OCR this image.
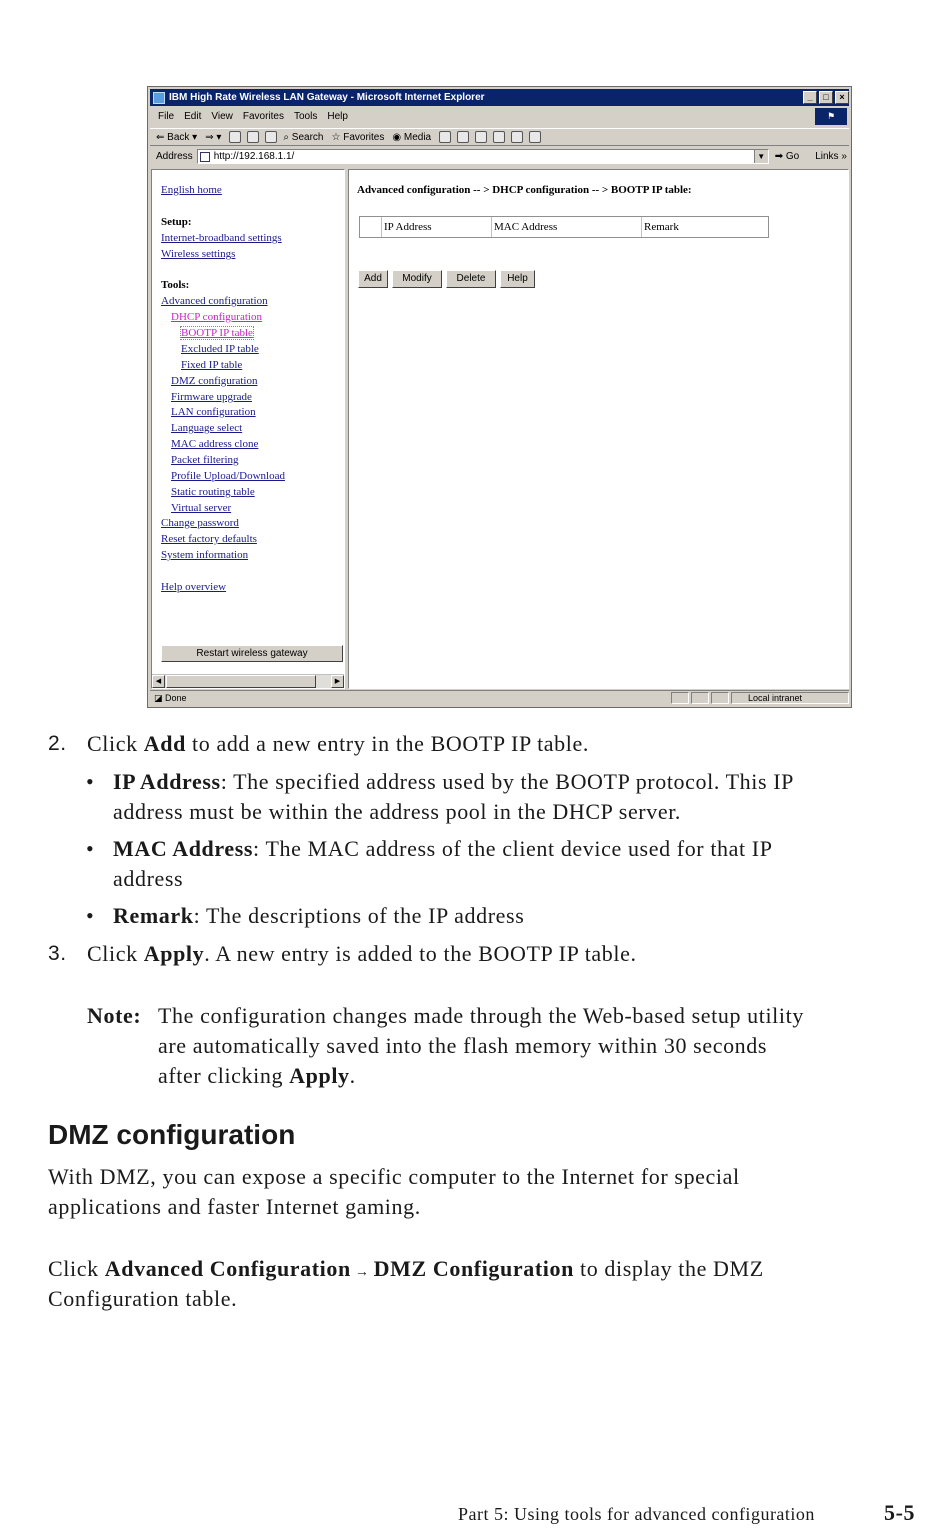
IBM High Rate Wireless LAN Gateway - Microsoft Internet Explorer	_	□	×
File Edit View Favorites Tools Help	⚑
⇐ Back ▾ ⇒ ▾	⌕ Search ☆ Favorites ◉ Media
Address http://192.168.1.1/	▼ ➡ Go Links »
English home
Setup:
Internet-broadband settings
Wireless settings
Tools:
Advanced configuration
DHCP configuration
BOOTP IP table
Excluded IP table
Fixed IP table
DMZ configuration
Firmware upgrade
LAN configuration
Language select
MAC address clone
Packet filtering
Profile Upload/Download
Static routing table
Virtual server
Change password
Reset factory defaults
System information
Help overview
Restart wireless gateway
◀	▶
Advanced configuration -- > DHCP configuration -- > BOOTP IP table:
IP Address	MAC Address	Remark
Add	Modify	Delete	Help
◪ Done	Local intranet
2. Click Add to add a new entry in the BOOTP IP table.
• IP Address: The specified address used by the BOOTP protocol. This IP
address must be within the address pool in the DHCP server.
• MAC Address: The MAC address of the client device used for that IP
address
• Remark: The descriptions of the IP address
3. Click Apply. A new entry is added to the BOOTP IP table.
Note: The configuration changes made through the Web-based setup utility
are automatically saved into the flash memory within 30 seconds
after clicking Apply.
DMZ configuration
With DMZ, you can expose a specific computer to the Internet for special
applications and faster Internet gaming.
Click Advanced Configuration → DMZ Configuration to display the DMZ
Configuration table.
Part 5: Using tools for advanced configuration	5-5
